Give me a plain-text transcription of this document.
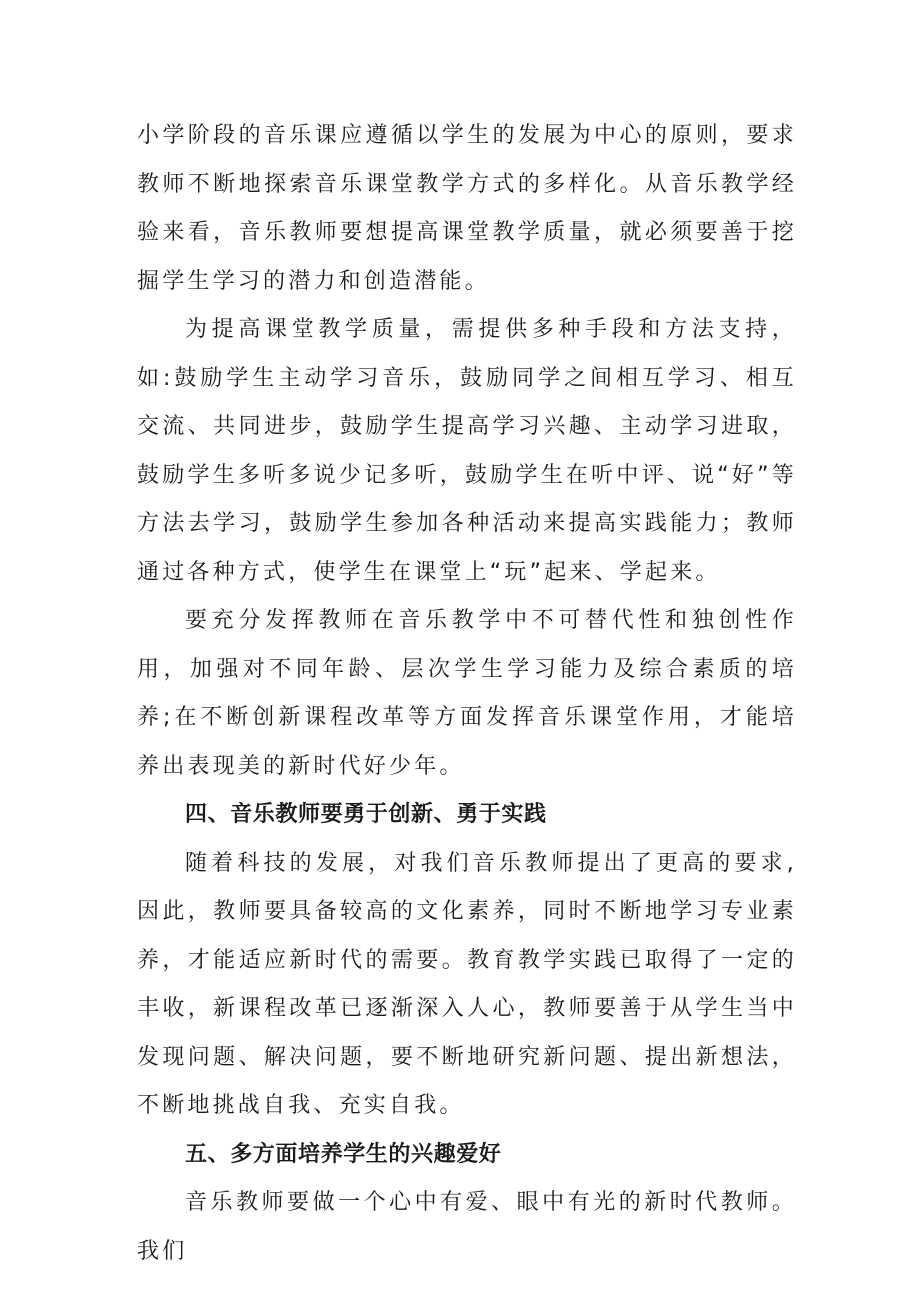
小学阶段的音乐课应遵循以学生的发展为中心的原则，要求教师不断地探索音乐课堂教学方式的多样化。从音乐教学经验来看，音乐教师要想提高课堂教学质量，就必须要善于挖掘学生学习的潜力和创造潜能。

为提高课堂教学质量，需提供多种手段和方法支持，如:鼓励学生主动学习音乐，鼓励同学之间相互学习、相互交流、共同进步，鼓励学生提高学习兴趣、主动学习进取，鼓励学生多听多说少记多听，鼓励学生在听中评、说“好”等方法去学习，鼓励学生参加各种活动来提高实践能力；教师通过各种方式，使学生在课堂上“玩”起来、学起来。

要充分发挥教师在音乐教学中不可替代性和独创性作用，加强对不同年龄、层次学生学习能力及综合素质的培养;在不断创新课程改革等方面发挥音乐课堂作用，才能培养出表现美的新时代好少年。

四、音乐教师要勇于创新、勇于实践

随着科技的发展，对我们音乐教师提出了更高的要求,因此，教师要具备较高的文化素养，同时不断地学习专业素养，才能适应新时代的需要。教育教学实践已取得了一定的丰收，新课程改革已逐渐深入人心，教师要善于从学生当中发现问题、解决问题，要不断地研究新问题、提出新想法，不断地挑战自我、充实自我。

五、多方面培养学生的兴趣爱好

音乐教师要做一个心中有爱、眼中有光的新时代教师。我们
